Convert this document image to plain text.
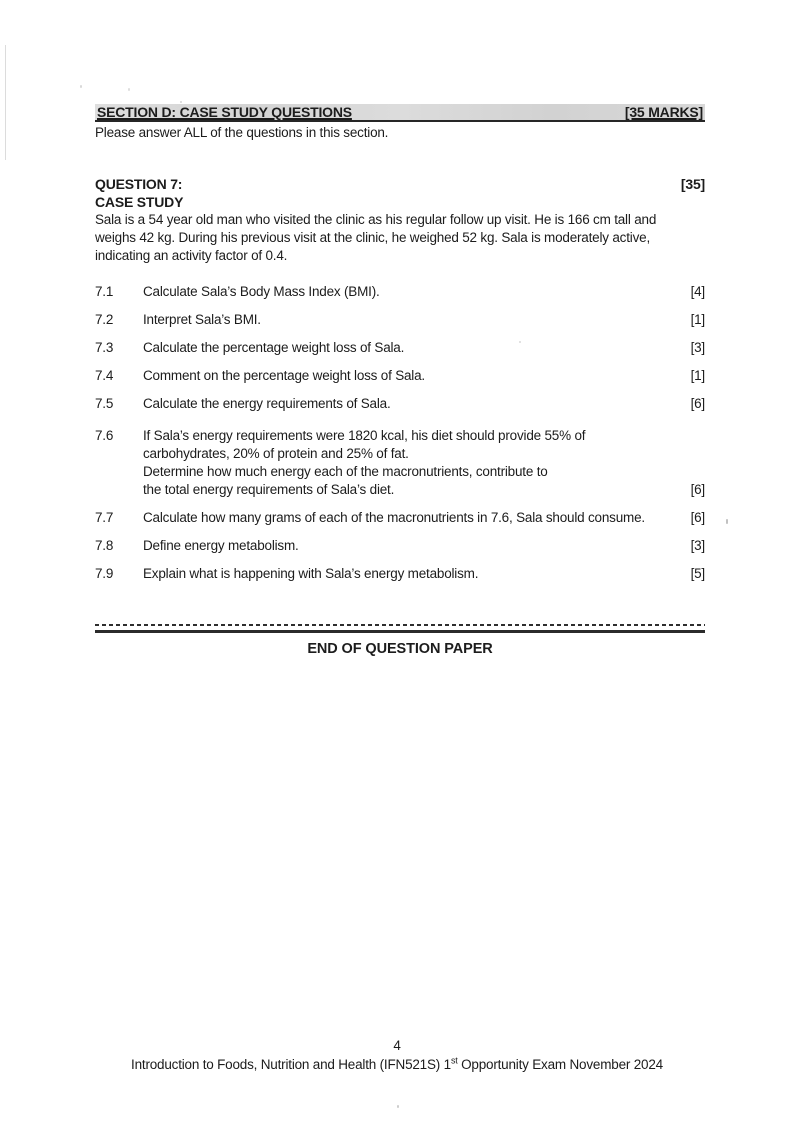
SECTION D: CASE STUDY QUESTIONS	[35 MARKS]
Please answer ALL of the questions in this section.
QUESTION 7:	[35]
CASE STUDY
Sala is a 54 year old man who visited the clinic as his regular follow up visit. He is 166 cm tall and
weighs 42 kg. During his previous visit at the clinic, he weighed 52 kg. Sala is moderately active,
indicating an activity factor of 0.4.
7.1	Calculate Sala’s Body Mass Index (BMI).	[4]
7.2	Interpret Sala’s BMI.	[1]
7.3	Calculate the percentage weight loss of Sala.	[3]
7.4	Comment on the percentage weight loss of Sala.	[1]
7.5	Calculate the energy requirements of Sala.	[6]
7.6	If Sala’s energy requirements were 1820 kcal, his diet should provide 55% of
carbohydrates, 20% of protein and 25% of fat.
Determine how much energy each of the macronutrients, contribute to
the total energy requirements of Sala’s diet.	[6]
7.7	Calculate how many grams of each of the macronutrients in 7.6, Sala should consume.	[6]
7.8	Define energy metabolism.	[3]
7.9	Explain what is happening with Sala’s energy metabolism.	[5]
END OF QUESTION PAPER
4
Introduction to Foods, Nutrition and Health (IFN521S) 1st Opportunity Exam November 2024
